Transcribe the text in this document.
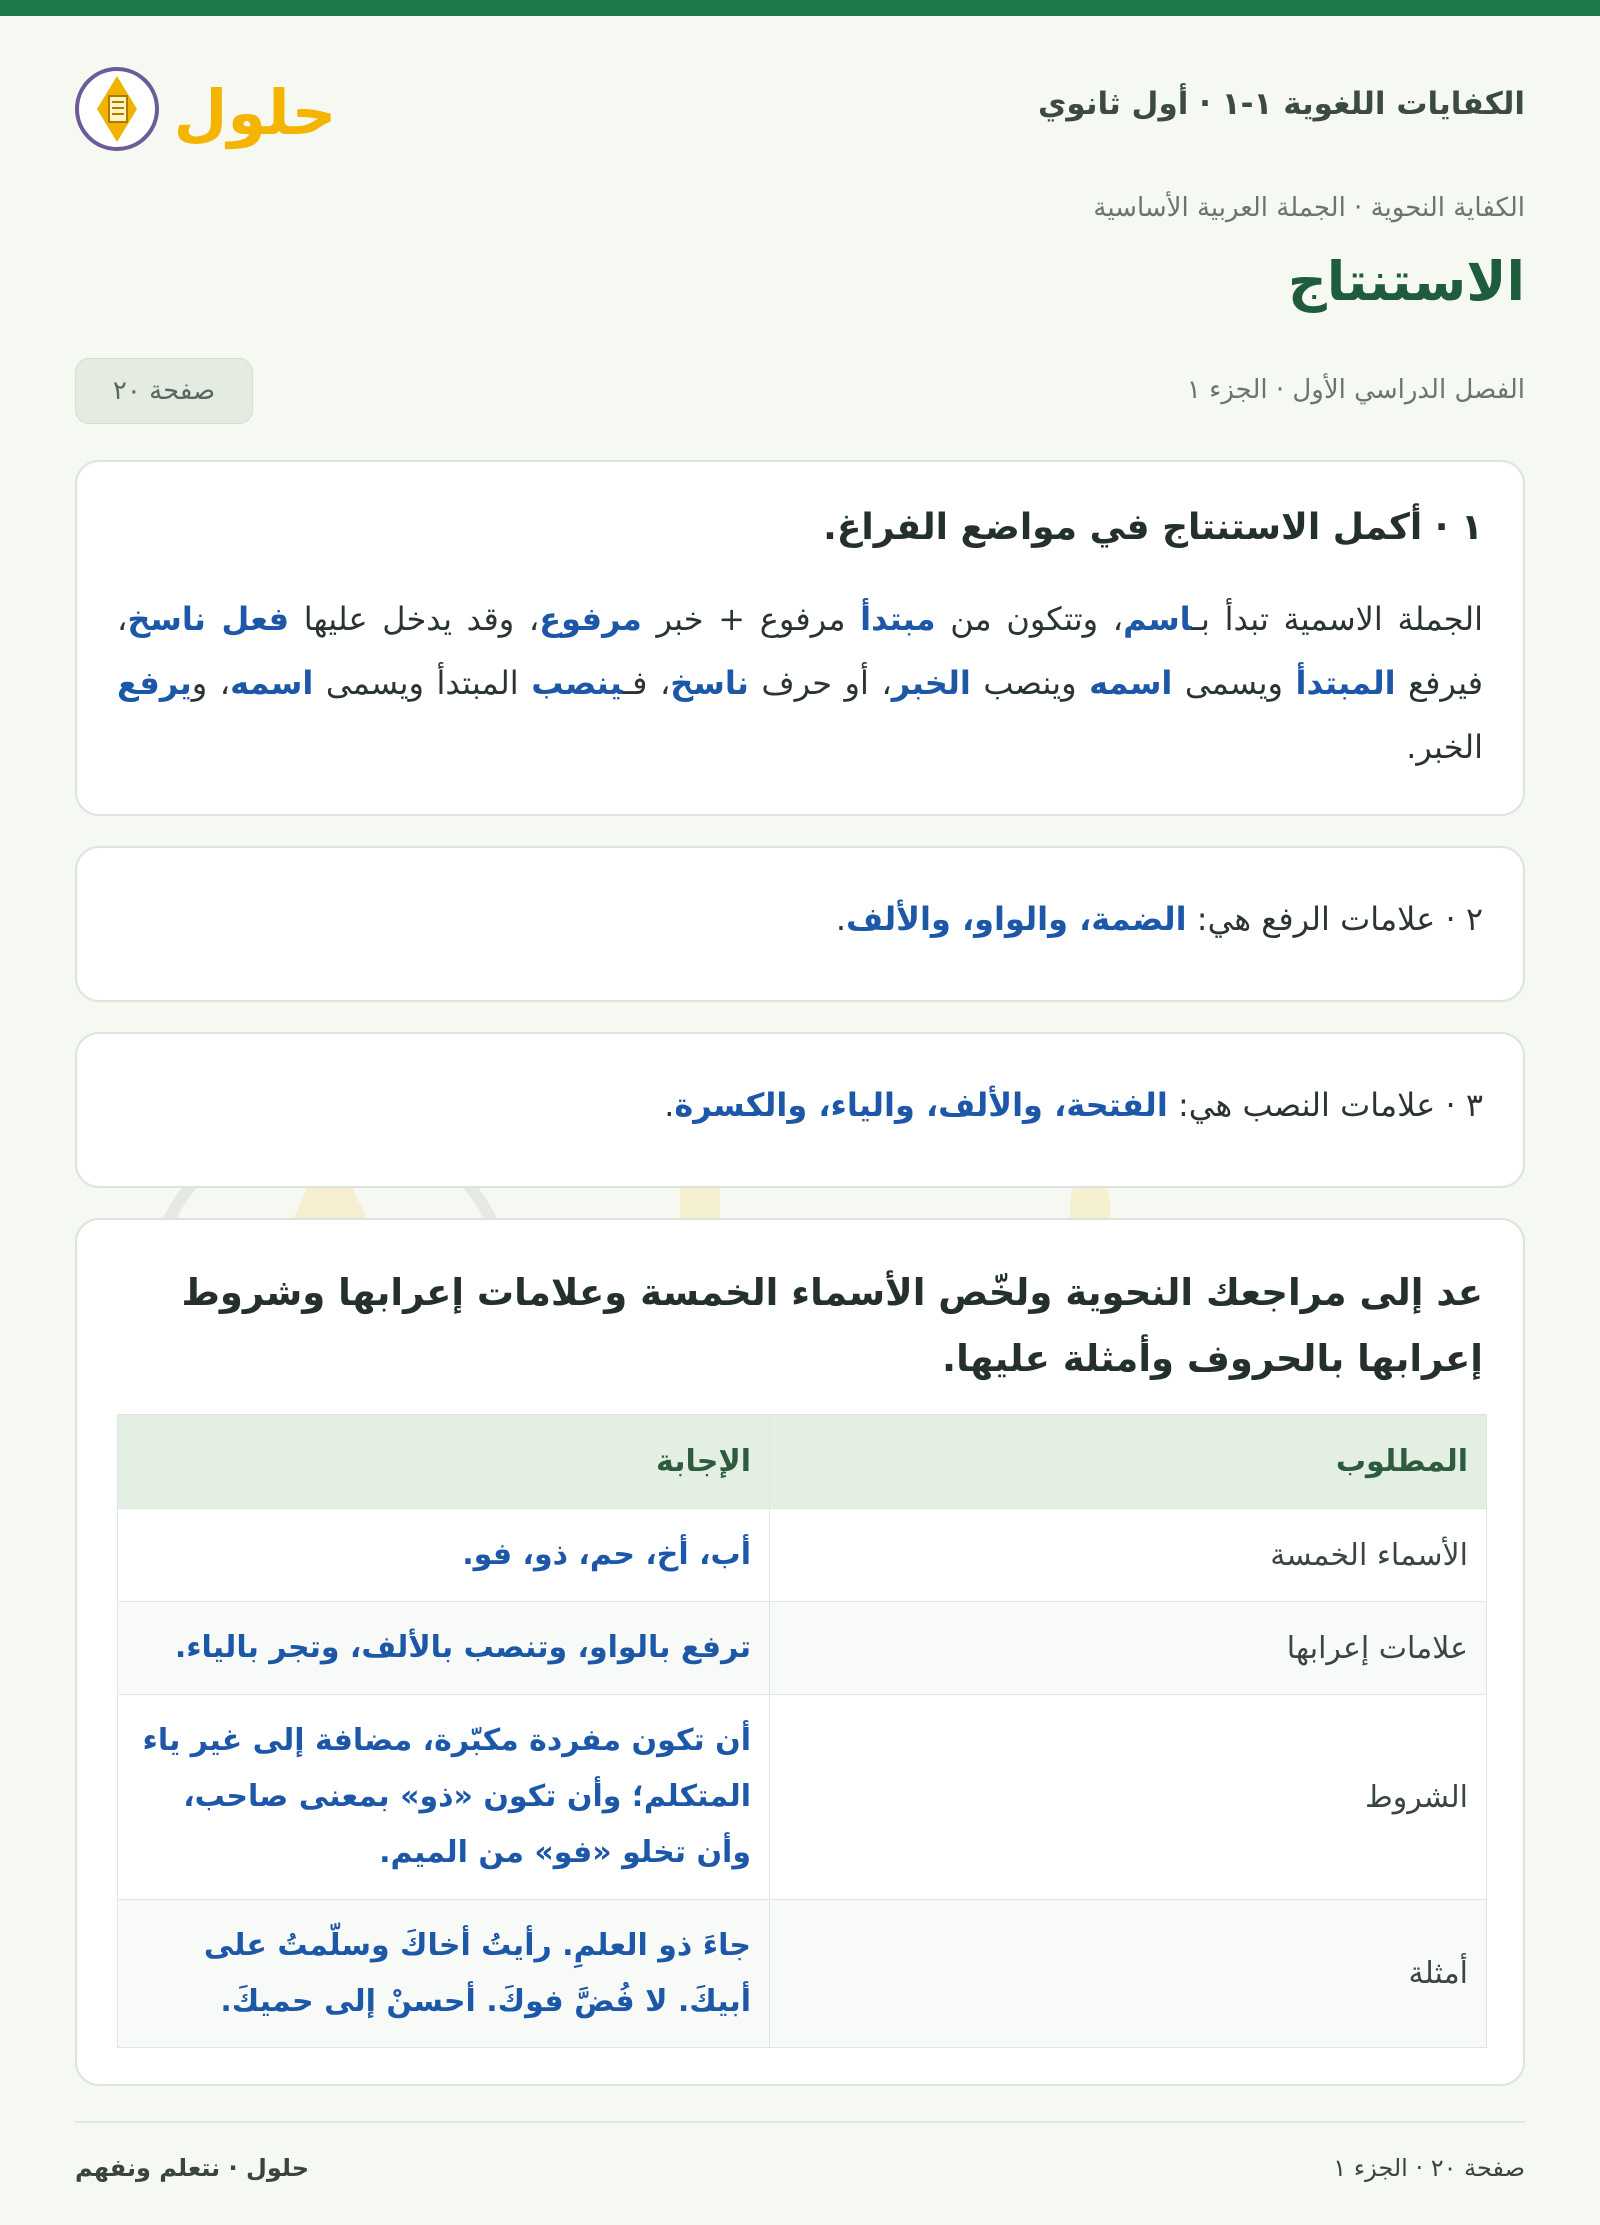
الكفايات اللغوية ١-١ · أول ثانوي
حلول
الكفاية النحوية · الجملة العربية الأساسية
الاستنتاج
الفصل الدراسي الأول · الجزء ١
صفحة ٢٠
١ · أكمل الاستنتاج في مواضع الفراغ.
الجملة الاسمية تبدأ بـاسم، وتتكون من مبتدأ مرفوع + خبر مرفوع، وقد يدخل عليها فعل ناسخ، فيرفع المبتدأ ويسمى اسمه وينصب الخبر، أو حرف ناسخ، فـينصب المبتدأ ويسمى اسمه، ويرفع الخبر.
٢ · علامات الرفع هي: الضمة، والواو، والألف.
٣ · علامات النصب هي: الفتحة، والألف، والياء، والكسرة.
عد إلى مراجعك النحوية ولخّص الأسماء الخمسة وعلامات إعرابها وشروط إعرابها بالحروف وأمثلة عليها.
المطلوب	الإجابة
الأسماء الخمسة	أب، أخ، حم، ذو، فو.
علامات إعرابها	ترفع بالواو، وتنصب بالألف، وتجر بالياء.
الشروط	أن تكون مفردة مكبّرة، مضافة إلى غير ياء المتكلم؛ وأن تكون «ذو» بمعنى صاحب، وأن تخلو «فو» من الميم.
أمثلة	جاءَ ذو العلمِ. رأيتُ أخاكَ وسلّمتُ على أبيكَ. لا فُضَّ فوكَ. أحسنْ إلى حميكَ.
صفحة ٢٠ · الجزء ١
حلول · نتعلم ونفهم
